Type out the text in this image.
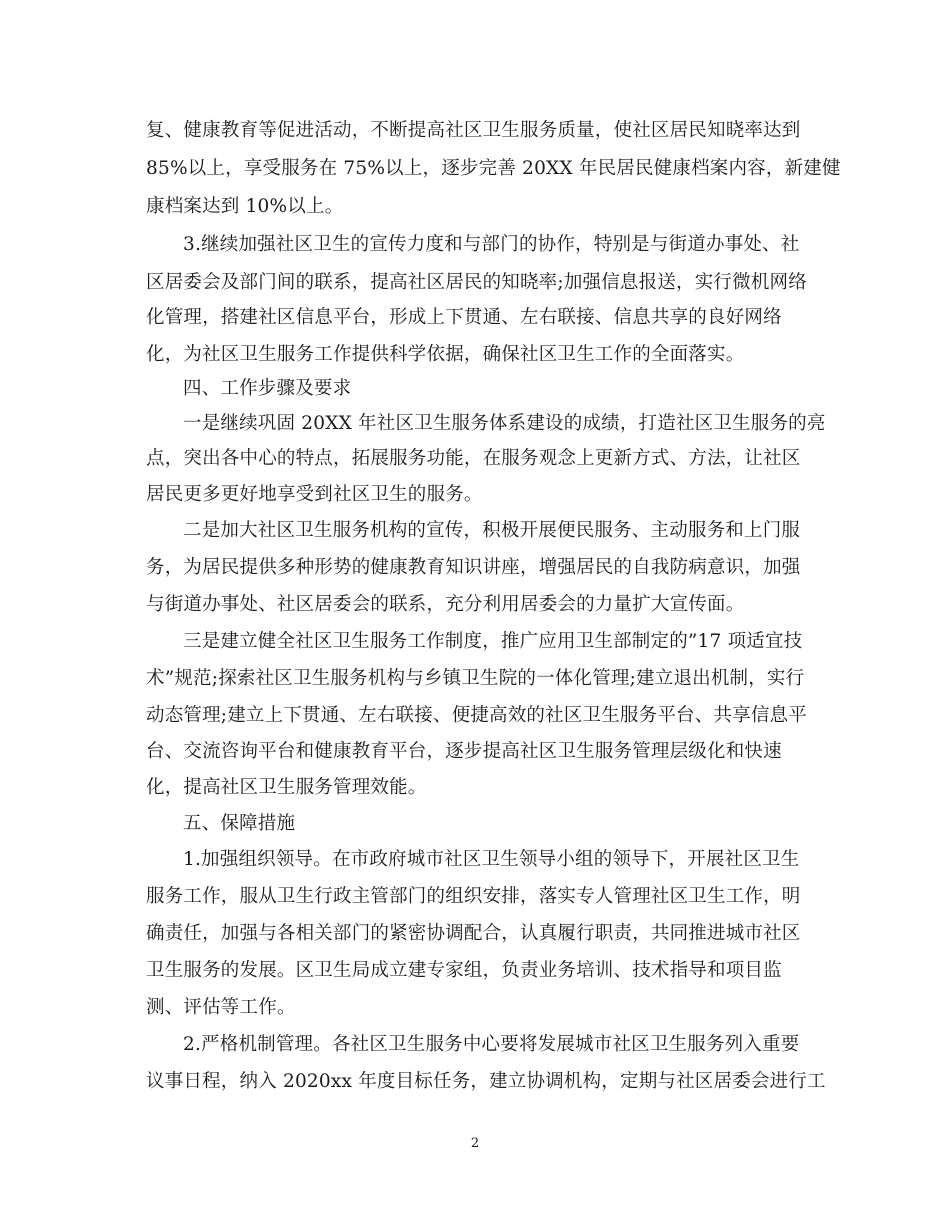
复、健康教育等促进活动，不断提高社区卫生服务质量，使社区居民知晓率达到
85%以上，享受服务在 75%以上，逐步完善 20XX 年民居民健康档案内容，新建健
康档案达到 10%以上。
3.继续加强社区卫生的宣传力度和与部门的协作，特别是与街道办事处、社
区居委会及部门间的联系，提高社区居民的知晓率;加强信息报送，实行微机网络
化管理，搭建社区信息平台，形成上下贯通、左右联接、信息共享的良好网络
化，为社区卫生服务工作提供科学依据，确保社区卫生工作的全面落实。
四、工作步骤及要求
一是继续巩固 20XX 年社区卫生服务体系建设的成绩，打造社区卫生服务的亮
点，突出各中心的特点，拓展服务功能，在服务观念上更新方式、方法，让社区
居民更多更好地享受到社区卫生的服务。
二是加大社区卫生服务机构的宣传，积极开展便民服务、主动服务和上门服
务，为居民提供多种形势的健康教育知识讲座，增强居民的自我防病意识，加强
与街道办事处、社区居委会的联系，充分利用居委会的力量扩大宣传面。
三是建立健全社区卫生服务工作制度，推广应用卫生部制定的”17 项适宜技
术”规范;探索社区卫生服务机构与乡镇卫生院的一体化管理;建立退出机制，实行
动态管理;建立上下贯通、左右联接、便捷高效的社区卫生服务平台、共享信息平
台、交流咨询平台和健康教育平台，逐步提高社区卫生服务管理层级化和快速
化，提高社区卫生服务管理效能。
五、保障措施
1.加强组织领导。在市政府城市社区卫生领导小组的领导下，开展社区卫生
服务工作，服从卫生行政主管部门的组织安排，落实专人管理社区卫生工作，明
确责任，加强与各相关部门的紧密协调配合，认真履行职责，共同推进城市社区
卫生服务的发展。区卫生局成立建专家组，负责业务培训、技术指导和项目监
测、评估等工作。
2.严格机制管理。各社区卫生服务中心要将发展城市社区卫生服务列入重要
议事日程，纳入 2020xx 年度目标任务，建立协调机构，定期与社区居委会进行工
2
